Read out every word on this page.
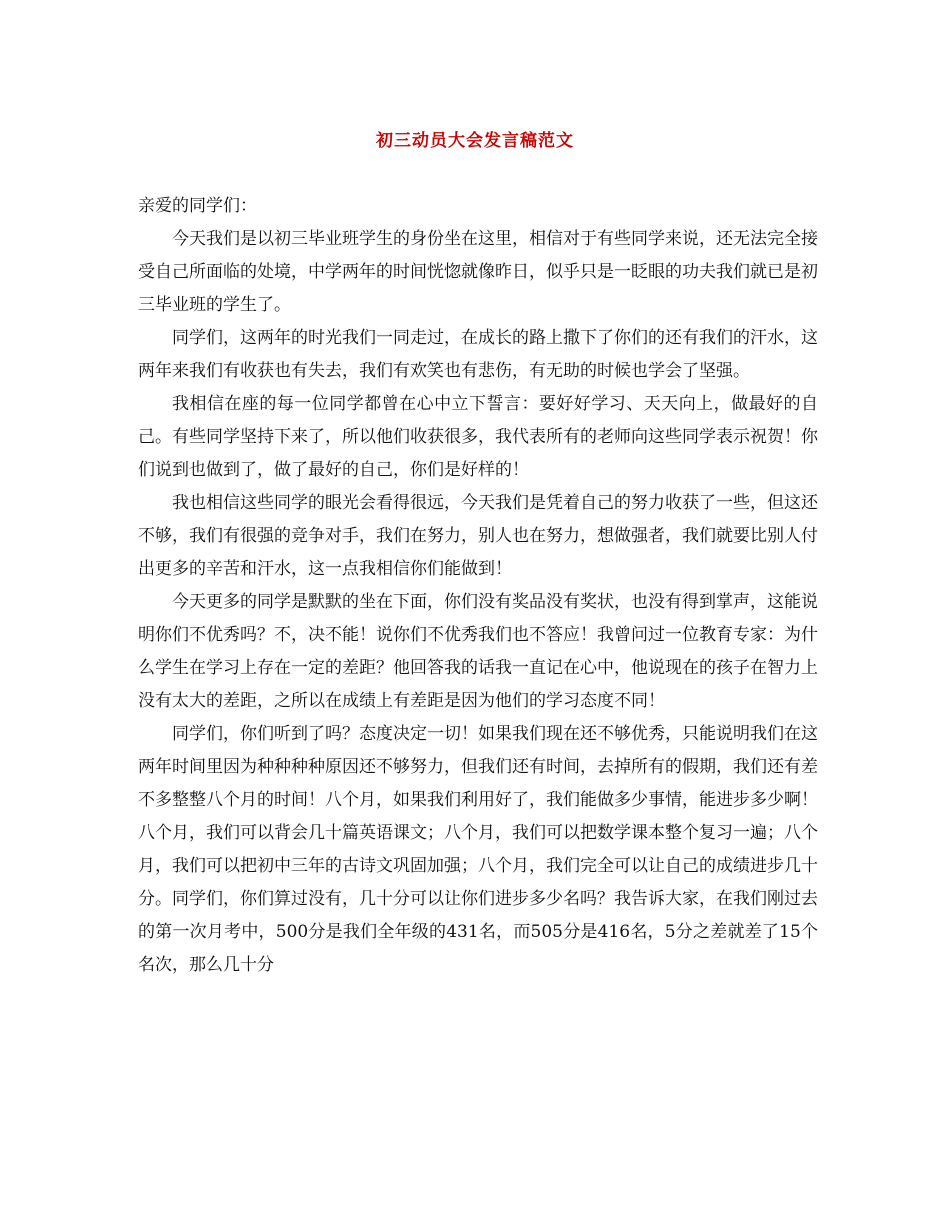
初三动员大会发言稿范文

亲爱的同学们：

今天我们是以初三毕业班学生的身份坐在这里，相信对于有些同学来说，还无法完全接受自己所面临的处境，中学两年的时间恍惚就像昨日，似乎只是一眨眼的功夫我们就已是初三毕业班的学生了。

同学们，这两年的时光我们一同走过，在成长的路上撒下了你们的还有我们的汗水，这两年来我们有收获也有失去，我们有欢笑也有悲伤，有无助的时候也学会了坚强。

我相信在座的每一位同学都曾在心中立下誓言：要好好学习、天天向上，做最好的自己。有些同学坚持下来了，所以他们收获很多，我代表所有的老师向这些同学表示祝贺！你们说到也做到了，做了最好的自己，你们是好样的！

我也相信这些同学的眼光会看得很远，今天我们是凭着自己的努力收获了一些，但这还不够，我们有很强的竞争对手，我们在努力，别人也在努力，想做强者，我们就要比别人付出更多的辛苦和汗水，这一点我相信你们能做到！

今天更多的同学是默默的坐在下面，你们没有奖品没有奖状，也没有得到掌声，这能说明你们不优秀吗？不，决不能！说你们不优秀我们也不答应！我曾问过一位教育专家：为什么学生在学习上存在一定的差距？他回答我的话我一直记在心中，他说现在的孩子在智力上没有太大的差距，之所以在成绩上有差距是因为他们的学习态度不同！

同学们，你们听到了吗？态度决定一切！如果我们现在还不够优秀，只能说明我们在这两年时间里因为种种种种原因还不够努力，但我们还有时间，去掉所有的假期，我们还有差不多整整八个月的时间！八个月，如果我们利用好了，我们能做多少事情，能进步多少啊！八个月，我们可以背会几十篇英语课文；八个月，我们可以把数学课本整个复习一遍；八个月，我们可以把初中三年的古诗文巩固加强；八个月，我们完全可以让自己的成绩进步几十分。同学们，你们算过没有，几十分可以让你们进步多少名吗？我告诉大家，在我们刚过去的第一次月考中，500分是我们全年级的431名，而505分是416名，5分之差就差了15个名次，那么几十分
